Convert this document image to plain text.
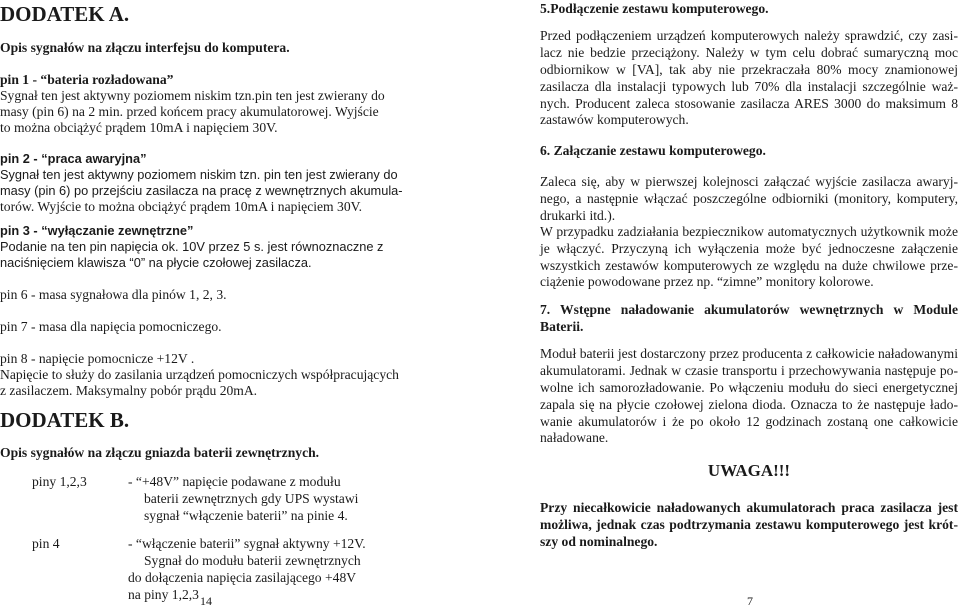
DODATEK A.
Opis sygnałów na złączu interfejsu do komputera.
pin 1 - “bateria rozładowana”
Sygnał ten jest aktywny poziomem niskim tzn.pin ten jest zwierany do
masy (pin 6) na 2 min. przed końcem pracy akumulatorowej. Wyjście
to można obciążyć prądem 10mA i napięciem 30V.
pin 2 - “praca awaryjna”
Sygnał ten jest aktywny poziomem niskim tzn. pin ten jest zwierany do
masy (pin 6) po przejściu zasilacza na pracę z wewnętrznych akumula-
torów. Wyjście to można obciążyć prądem 10mA i napięciem 30V.
pin 3 - “wyłączanie zewnętrzne”
Podanie na ten pin napięcia ok. 10V przez 5 s. jest równoznaczne z
naciśnięciem klawisza “0” na płycie czołowej zasilacza.
pin 6 - masa sygnałowa dla pinów 1, 2, 3.
pin 7 - masa dla napięcia pomocniczego.
pin 8 - napięcie pomocnicze +12V .
Napięcie to służy do zasilania urządzeń pomocniczych współpracujących
z zasilaczem. Maksymalny pobór prądu 20mA.
DODATEK B.
Opis sygnałów na złączu gniazda baterii zewnętrznych.
piny 1,2,3	- “+48V” napięcie podawane z modułu
baterii zewnętrznych gdy UPS wystawi
sygnał “włączenie baterii” na pinie 4.
pin 4	- “włączenie baterii” sygnał aktywny +12V.
Sygnał do modułu baterii zewnętrznych
do dołączenia napięcia zasilającego +48V
na piny 1,2,3 14
5.Podłączenie zestawu komputerowego.
Przed podłączeniem urządzeń komputerowych należy sprawdzić, czy zasi-
lacz nie bedzie przeciążony. Należy w tym celu dobrać sumaryczną moc
odbiornikow w [VA], tak aby nie przekraczała 80% mocy znamionowej
zasilacza dla instalacji typowych lub 70% dla instalacji szczególnie waż-
nych. Producent zaleca stosowanie zasilacza ARES 3000 do maksimum 8
zastawów komputerowych.
6. Załączanie zestawu komputerowego.
Zaleca się, aby w pierwszej kolejnosci załączać wyjście zasilacza awaryj-
nego, a następnie włączać poszczególne odbiorniki (monitory, komputery,
drukarki itd.).
W przypadku zadziałania bezpiecznikow automatycznych użytkownik może
je włączyć. Przyczyną ich wyłączenia może być jednoczesne załączenie
wszystkich zestawów komputerowych ze względu na duże chwilowe prze-
ciążenie powodowane przez np. “zimne” monitory kolorowe.
7. Wstępne naładowanie akumulatorów wewnętrznych w Module
Baterii.
Moduł baterii jest dostarczony przez producenta z całkowicie naładowanymi
akumulatorami. Jednak w czasie transportu i przechowywania następuje po-
wolne ich samorozładowanie. Po włączeniu modułu do sieci energetycznej
zapala się na płycie czołowej zielona dioda. Oznacza to że następuje łado-
wanie akumulatorów i że po około 12 godzinach zostaną one całkowicie
naładowane.
UWAGA!!!
Przy niecałkowicie naładowanych akumulatorach praca zasilacza jest
możliwa, jednak czas podtrzymania zestawu komputerowego jest krót-
szy od nominalnego.
7
